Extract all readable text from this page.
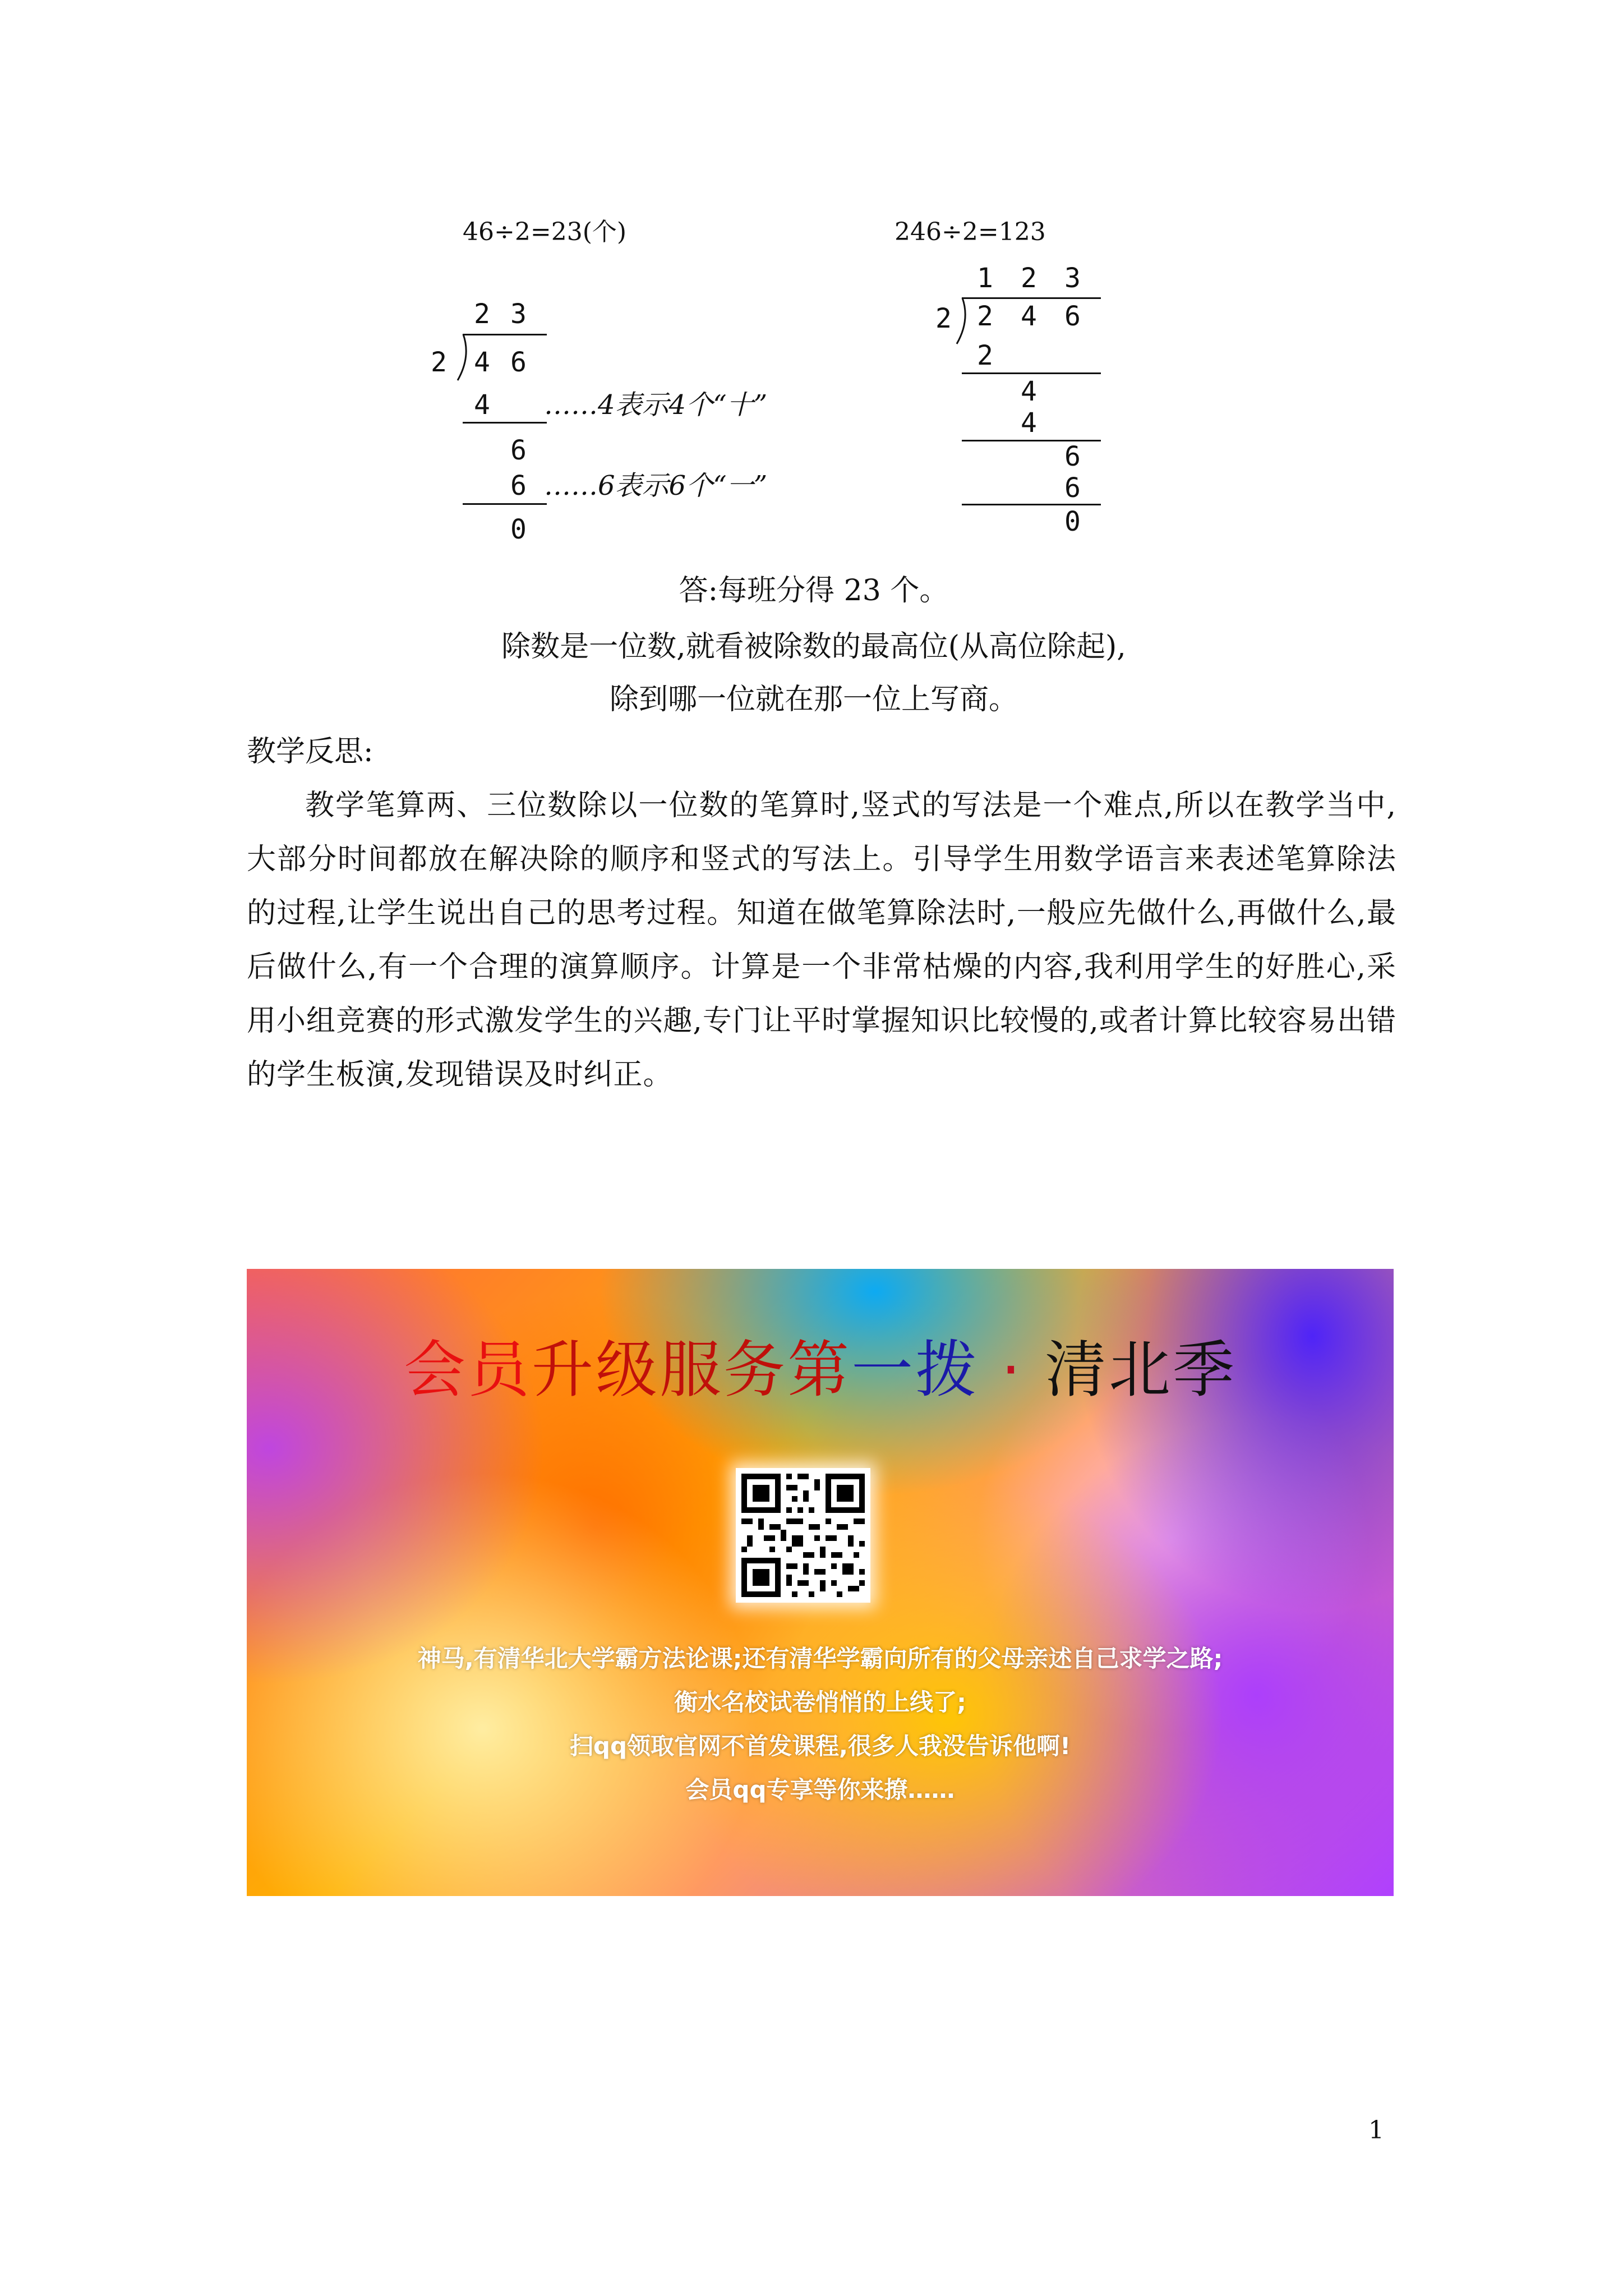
46÷2=23(个)
2 3
2 4 6
4 ……4表示4个“十”
6
6 ……6表示6个“一”
0
246÷2=123
1 2 3
2 2 4 6
2
4
4
6
6
0
答:每班分得 23 个。
除数是一位数,就看被除数的最高位(从高位除起),
除到哪一位就在那一位上写商。
教学反思:
教学笔算两、三位数除以一位数的笔算时,竖式的写法是一个难点,所以在教学当中,大部分时间都放在解决除的顺序和竖式的写法上。引导学生用数学语言来表述笔算除法的过程,让学生说出自己的思考过程。知道在做笔算除法时,一般应先做什么,再做什么,最后做什么,有一个合理的演算顺序。计算是一个非常枯燥的内容,我利用学生的好胜心,采用小组竞赛的形式激发学生的兴趣,专门让平时掌握知识比较慢的,或者计算比较容易出错的学生板演,发现错误及时纠正。
会员升级服务第一拨 · 清北季
神马,有清华北大学霸方法论课;还有清华学霸向所有的父母亲述自己求学之路;
衡水名校试卷悄悄的上线了;
扫qq领取官网不首发课程,很多人我没告诉他啊!
会员qq专享等你来撩……
1
